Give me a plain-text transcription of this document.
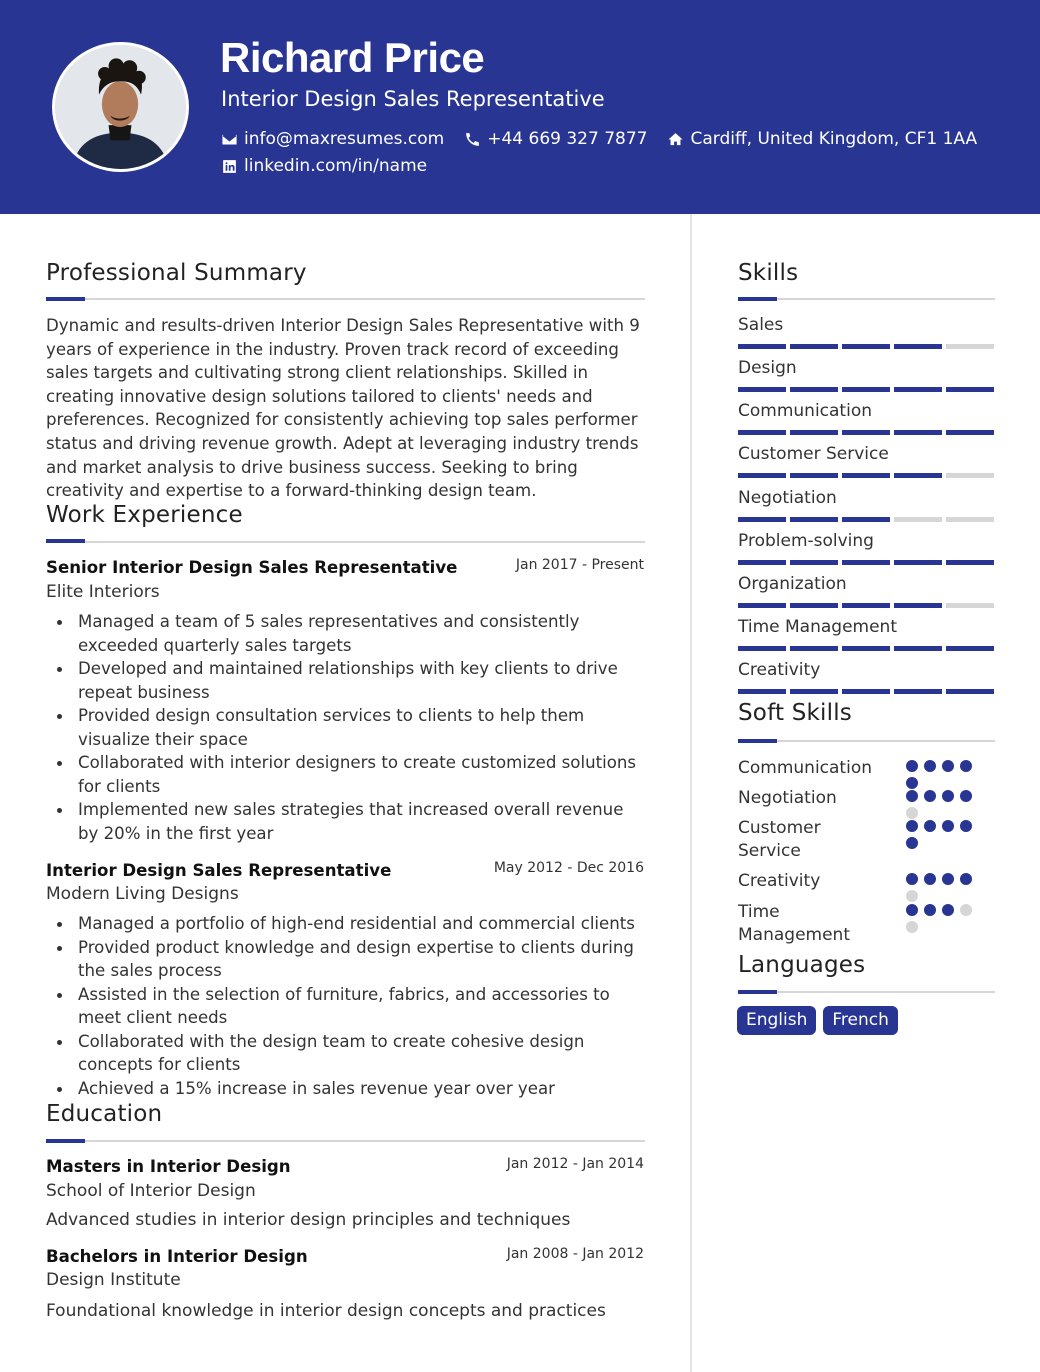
Richard Price
Interior Design Sales Representative
info@maxresumes.com	+44 669 327 7877	Cardiff, United Kingdom, CF1 1AA
linkedin.com/in/name
Professional Summary
Dynamic and results-driven Interior Design Sales Representative with 9 years of experience in the industry. Proven track record of exceeding sales targets and cultivating strong client relationships. Skilled in creating innovative design solutions tailored to clients' needs and preferences. Recognized for consistently achieving top sales performer status and driving revenue growth. Adept at leveraging industry trends and market analysis to drive business success. Seeking to bring creativity and expertise to a forward-thinking design team.
Work Experience
Senior Interior Design Sales Representative	Jan 2017 - Present
Elite Interiors
Managed a team of 5 sales representatives and consistently exceeded quarterly sales targets
Developed and maintained relationships with key clients to drive repeat business
Provided design consultation services to clients to help them visualize their space
Collaborated with interior designers to create customized solutions for clients
Implemented new sales strategies that increased overall revenue by 20% in the first year
Interior Design Sales Representative	May 2012 - Dec 2016
Modern Living Designs
Managed a portfolio of high-end residential and commercial clients
Provided product knowledge and design expertise to clients during the sales process
Assisted in the selection of furniture, fabrics, and accessories to meet client needs
Collaborated with the design team to create cohesive design concepts for clients
Achieved a 15% increase in sales revenue year over year
Education
Masters in Interior Design	Jan 2012 - Jan 2014
School of Interior Design
Advanced studies in interior design principles and techniques
Bachelors in Interior Design	Jan 2008 - Jan 2012
Design Institute
Foundational knowledge in interior design concepts and practices
Skills
Sales
Design
Communication
Customer Service
Negotiation
Problem-solving
Organization
Time Management
Creativity
Soft Skills
Communication
Negotiation
Customer Service
Creativity
Time Management
Languages
English	French
